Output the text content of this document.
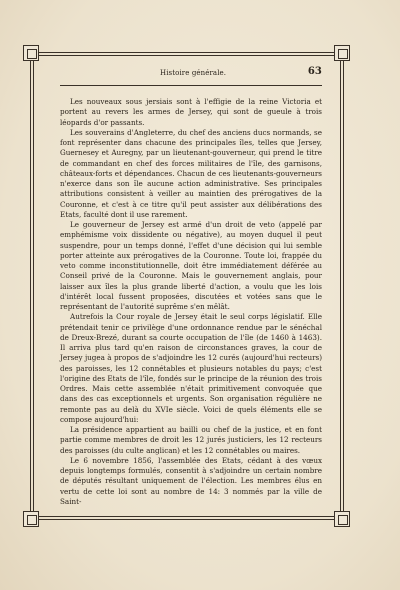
Histoire générale.	63

Les nouveaux sous jersiais sont à l'effigie de la reine Victoria et portent au revers les armes de Jersey, qui sont de gueule à trois léopards d'or passants.

Les souverains d'Angleterre, du chef des anciens ducs normands, se font représenter dans chacune des principales îles, telles que Jersey, Guernesey et Auregny, par un lieutenant-gouverneur, qui prend le titre de commandant en chef des forces militaires de l'île, des garnisons, châteaux-forts et dépendances. Chacun de ces lieutenants-gouverneurs n'exerce dans son île aucune action administrative. Ses principales attributions consistent à veiller au maintien des prérogatives de la Couronne, et c'est à ce titre qu'il peut assister aux délibérations des Etats, faculté dont il use rarement.

Le gouverneur de Jersey est armé d'un droit de veto (appelé par emphémisme voix dissidente ou négative), au moyen duquel il peut suspendre, pour un temps donné, l'effet d'une décision qui lui semble porter atteinte aux prérogatives de la Couronne. Toute loi, frappée du veto comme inconstitutionnelle, doit être immédiatement déférée au Conseil privé de la Couronne. Mais le gouvernement anglais, pour laisser aux îles la plus grande liberté d'action, a voulu que les lois d'intérêt local fussent proposées, discutées et votées sans que le représentant de l'autorité suprême s'en mêlât.

Autrefois la Cour royale de Jersey était le seul corps législatif. Elle prétendait tenir ce privilège d'une ordonnance rendue par le sénéchal de Dreux-Brezé, durant sa courte occupation de l'île (de 1460 à 1463). Il arriva plus tard qu'en raison de circonstances graves, la cour de Jersey jugea à propos de s'adjoindre les 12 curés (aujourd'hui recteurs) des paroisses, les 12 connétables et plusieurs notables du pays; c'est l'origine des Etats de l'île, fondés sur le principe de la réunion des trois Ordres. Mais cette assemblée n'était primitivement convoquée que dans des cas exceptionnels et urgents. Son organisation régulière ne remonte pas au delà du XVIe siècle. Voici de quels éléments elle se compose aujourd'hui:

La présidence appartient au bailli ou chef de la justice, et en font partie comme membres de droit les 12 jurés justiciers, les 12 recteurs des paroisses (du culte anglican) et les 12 connétables ou maires.

Le 6 novembre 1856, l'assemblée des Etats, cédant à des vœux depuis longtemps formulés, consentit à s'adjoindre un certain nombre de députés résultant uniquement de l'élection. Les membres élus en vertu de cette loi sont au nombre de 14: 3 nommés par la ville de Saint-
